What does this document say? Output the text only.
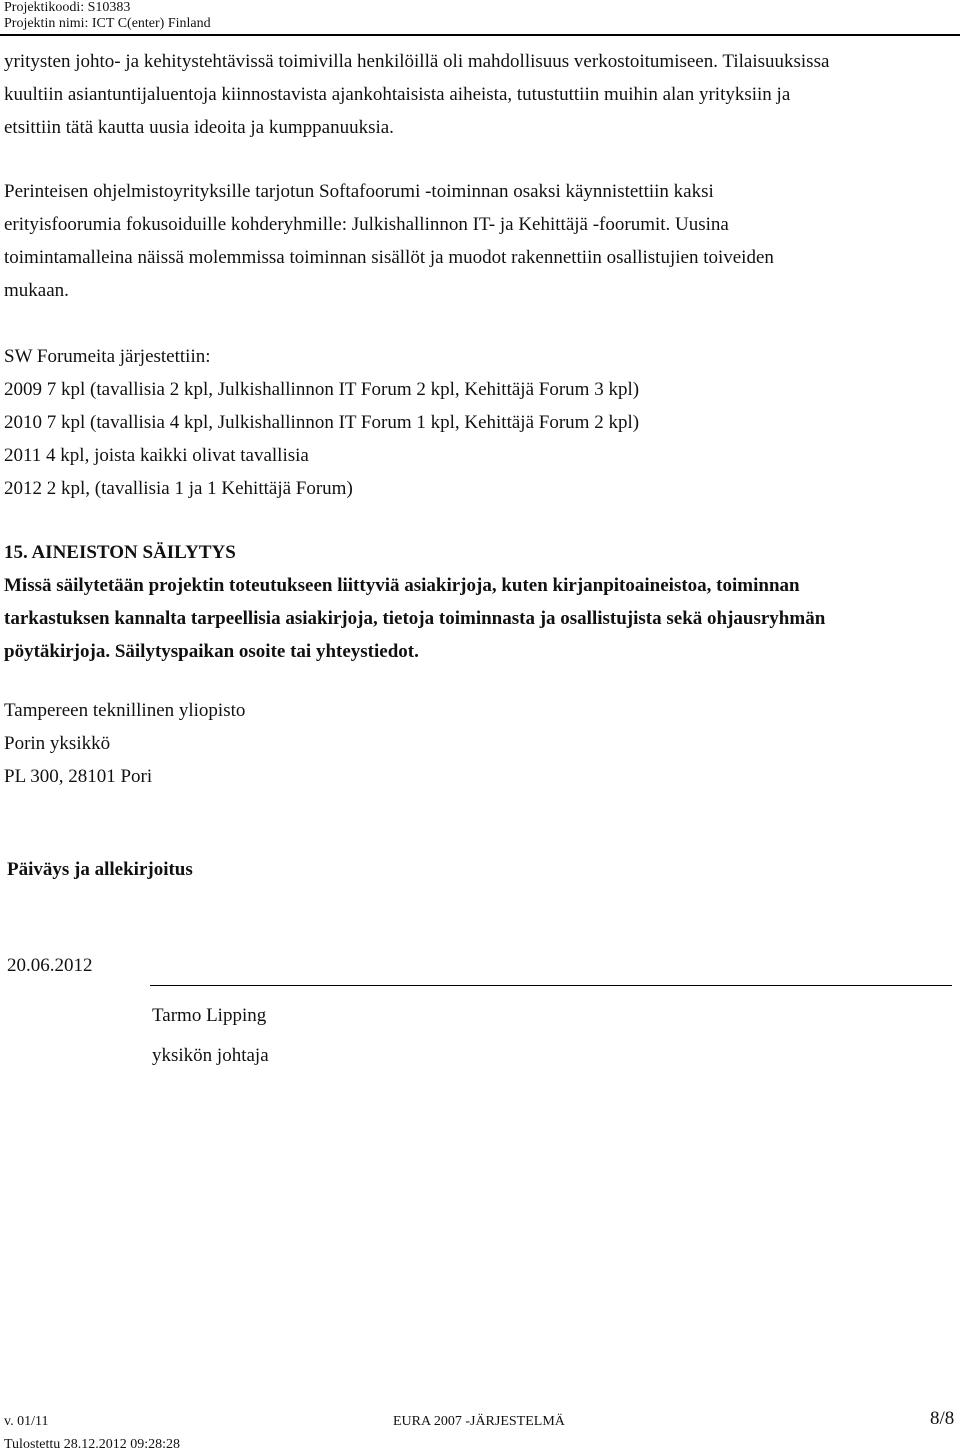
Projektikoodi: S10383
Projektin nimi: ICT C(enter) Finland
yritysten johto- ja kehitystehtävissä toimivilla henkilöillä oli mahdollisuus verkostoitumiseen. Tilaisuuksissa
kuultiin asiantuntijaluentoja kiinnostavista ajankohtaisista aiheista, tutustuttiin muihin alan yrityksiin ja
etsittiin tätä kautta uusia ideoita ja kumppanuuksia.
Perinteisen ohjelmistoyrityksille tarjotun Softafoorumi -toiminnan osaksi käynnistettiin kaksi
erityisfoorumia fokusoiduille kohderyhmille: Julkishallinnon IT- ja Kehittäjä -foorumit. Uusina
toimintamalleina näissä molemmissa toiminnan sisällöt ja muodot rakennettiin osallistujien toiveiden
mukaan.
SW Forumeita järjestettiin:
2009 7 kpl (tavallisia 2 kpl, Julkishallinnon IT Forum 2 kpl, Kehittäjä Forum 3 kpl)
2010 7 kpl (tavallisia 4 kpl, Julkishallinnon IT Forum 1 kpl, Kehittäjä Forum 2 kpl)
2011 4 kpl, joista kaikki olivat tavallisia
2012 2 kpl, (tavallisia 1 ja 1 Kehittäjä Forum)
15. AINEISTON SÄILYTYS
Missä säilytetään projektin toteutukseen liittyviä asiakirjoja, kuten kirjanpitoaineistoa, toiminnan
tarkastuksen kannalta tarpeellisia asiakirjoja, tietoja toiminnasta ja osallistujista sekä ohjausryhmän
pöytäkirjoja. Säilytyspaikan osoite tai yhteystiedot.
Tampereen teknillinen yliopisto
Porin yksikkö
PL 300, 28101 Pori
Päiväys ja allekirjoitus
20.06.2012
Tarmo Lipping
yksikön johtaja
v. 01/11	EURA 2007 -JÄRJESTELMÄ	8/8
Tulostettu 28.12.2012 09:28:28
